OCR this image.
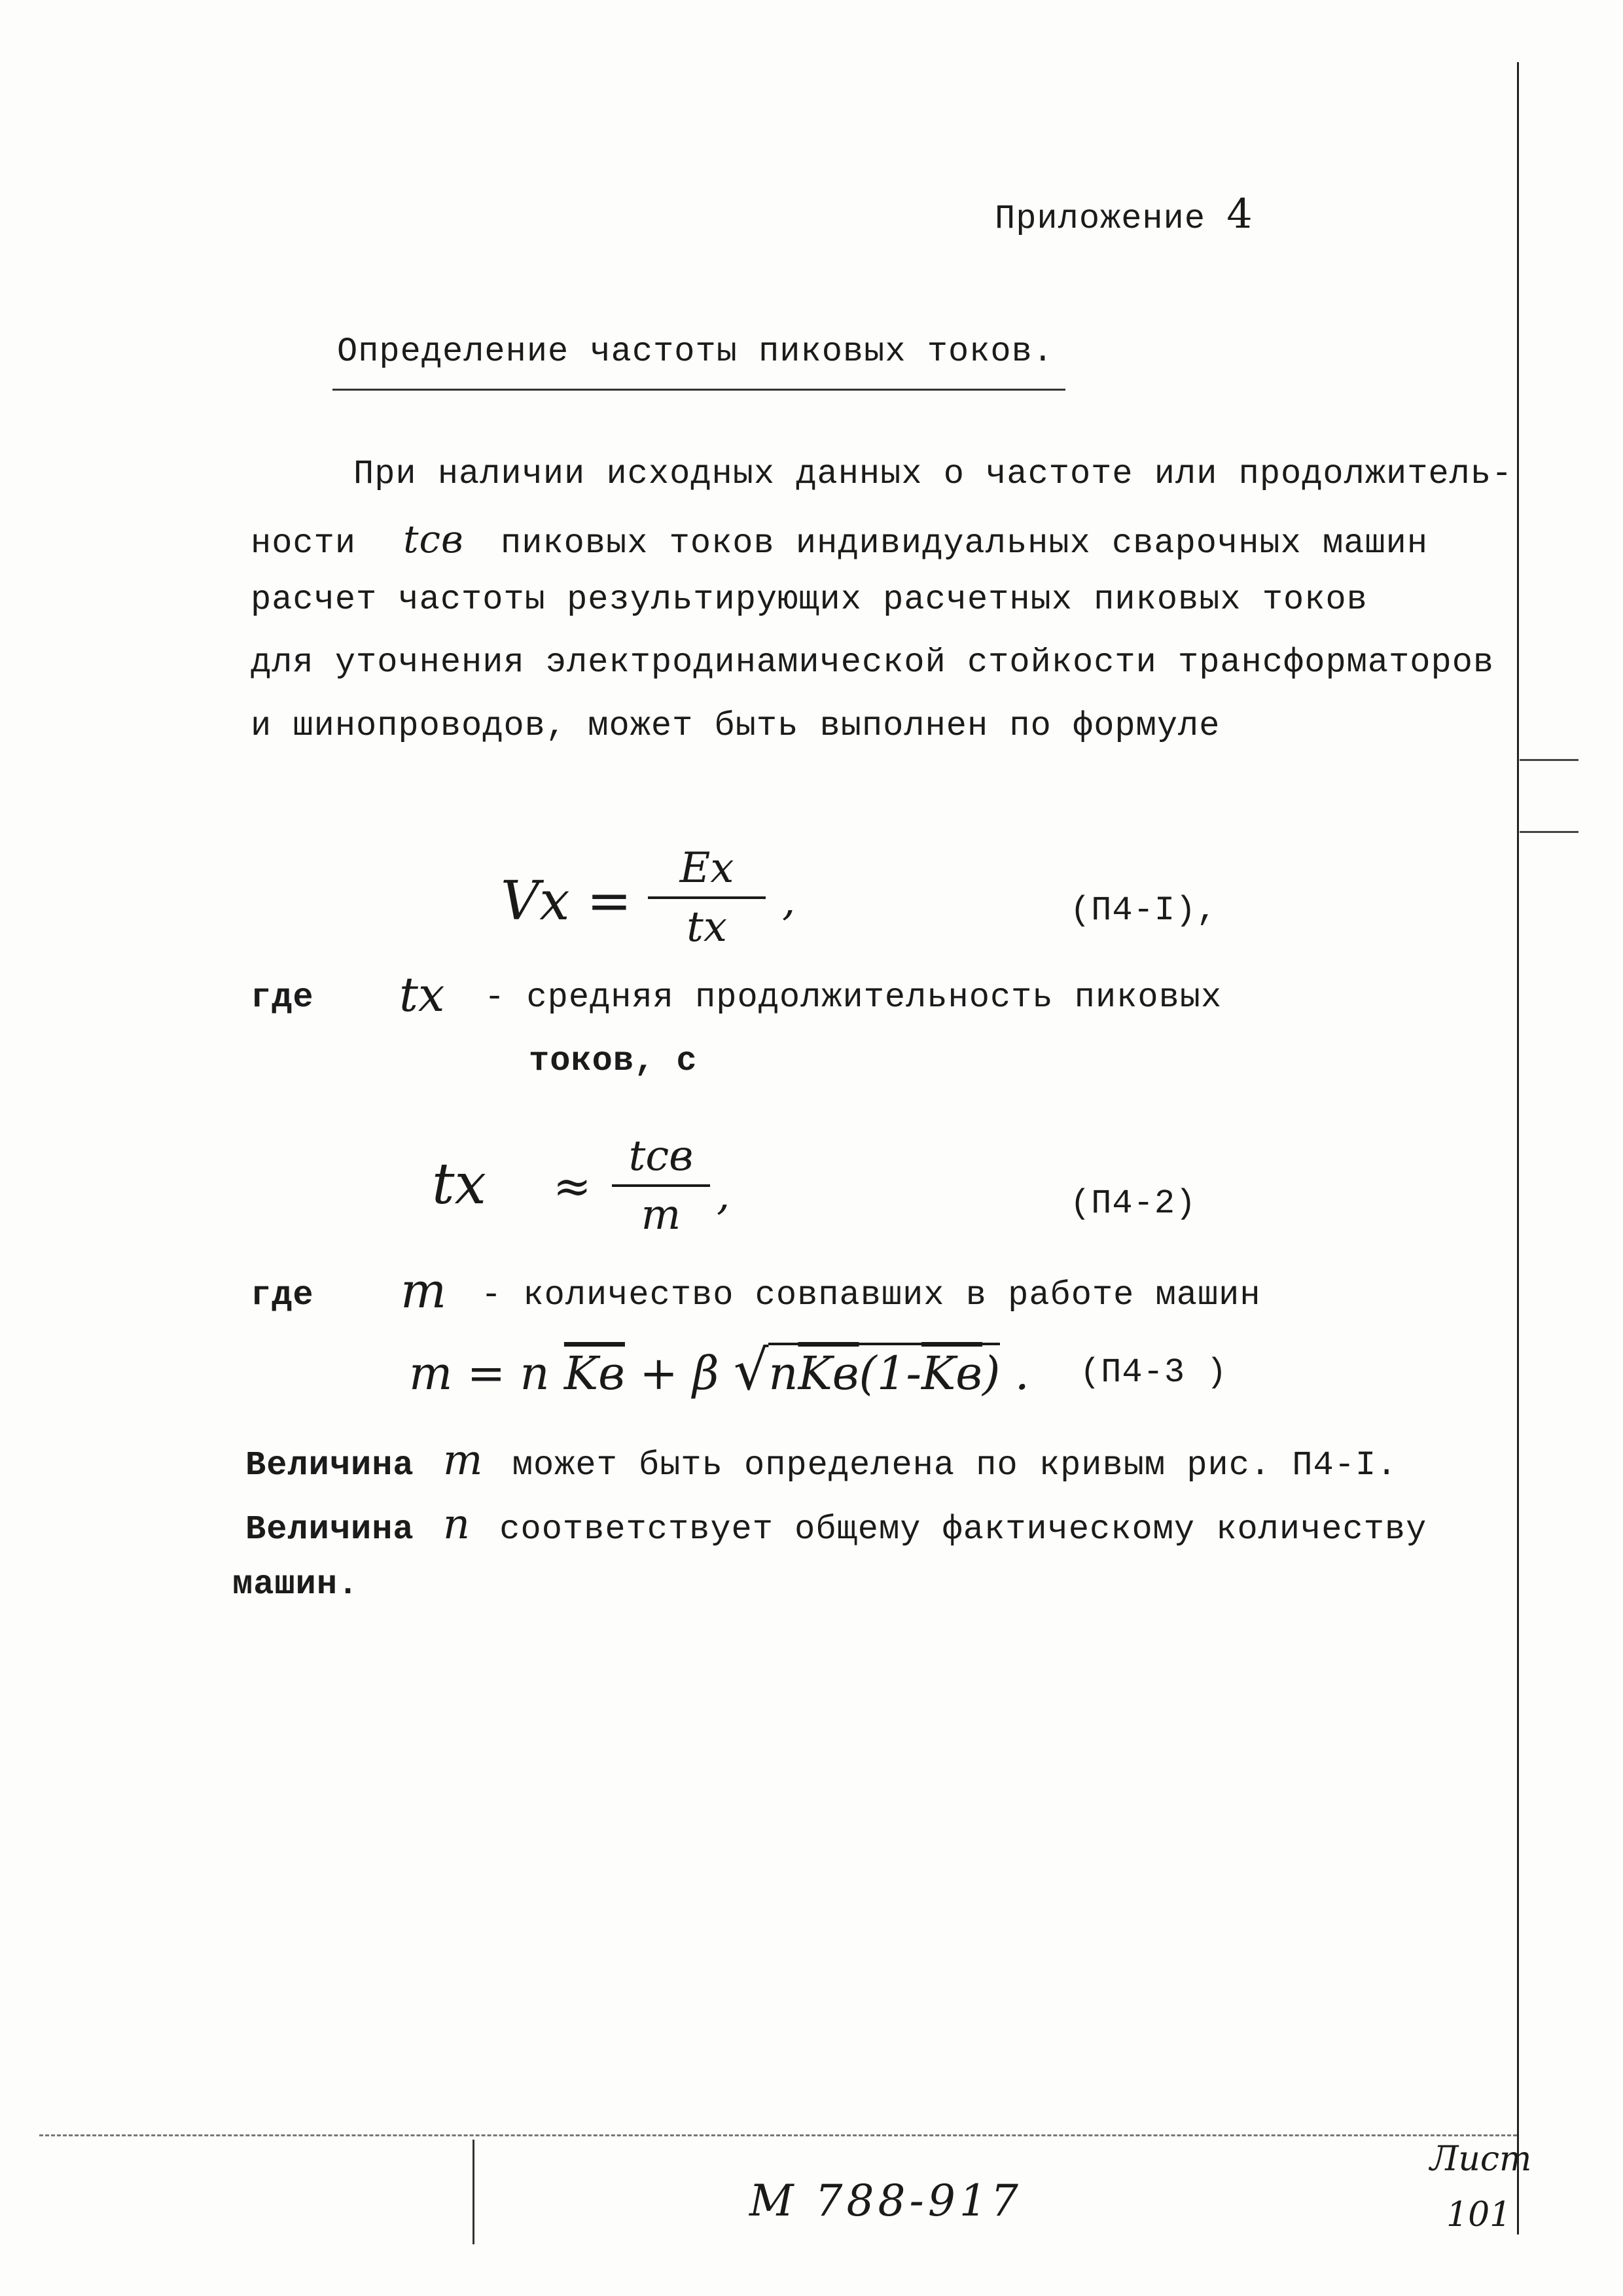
Приложение 4
Определение частоты пиковых токов.
При наличии исходных данных о частоте или продолжитель-
ности tсв пиковых токов индивидуальных сварочных машин
расчет частоты результирующих расчетных пиковых токов
для уточнения электродинамической стойкости трансформаторов
и шинопроводов, может быть выполнен по формуле
Vx =
Ex
tx
,	(П4-I),
где tx - средняя продолжительность пиковых
токов, с
tx ≈
tсв
m ,	(П4-2)
где m - количество совпавших в работе машин
m = n Kв + β √nKв(1-Kв) . (П4-3 )
Величина m может быть определена по кривым рис. П4-I.
Величина n соответствует общему фактическому количеству
машин.
М 788-917
Лист
101
